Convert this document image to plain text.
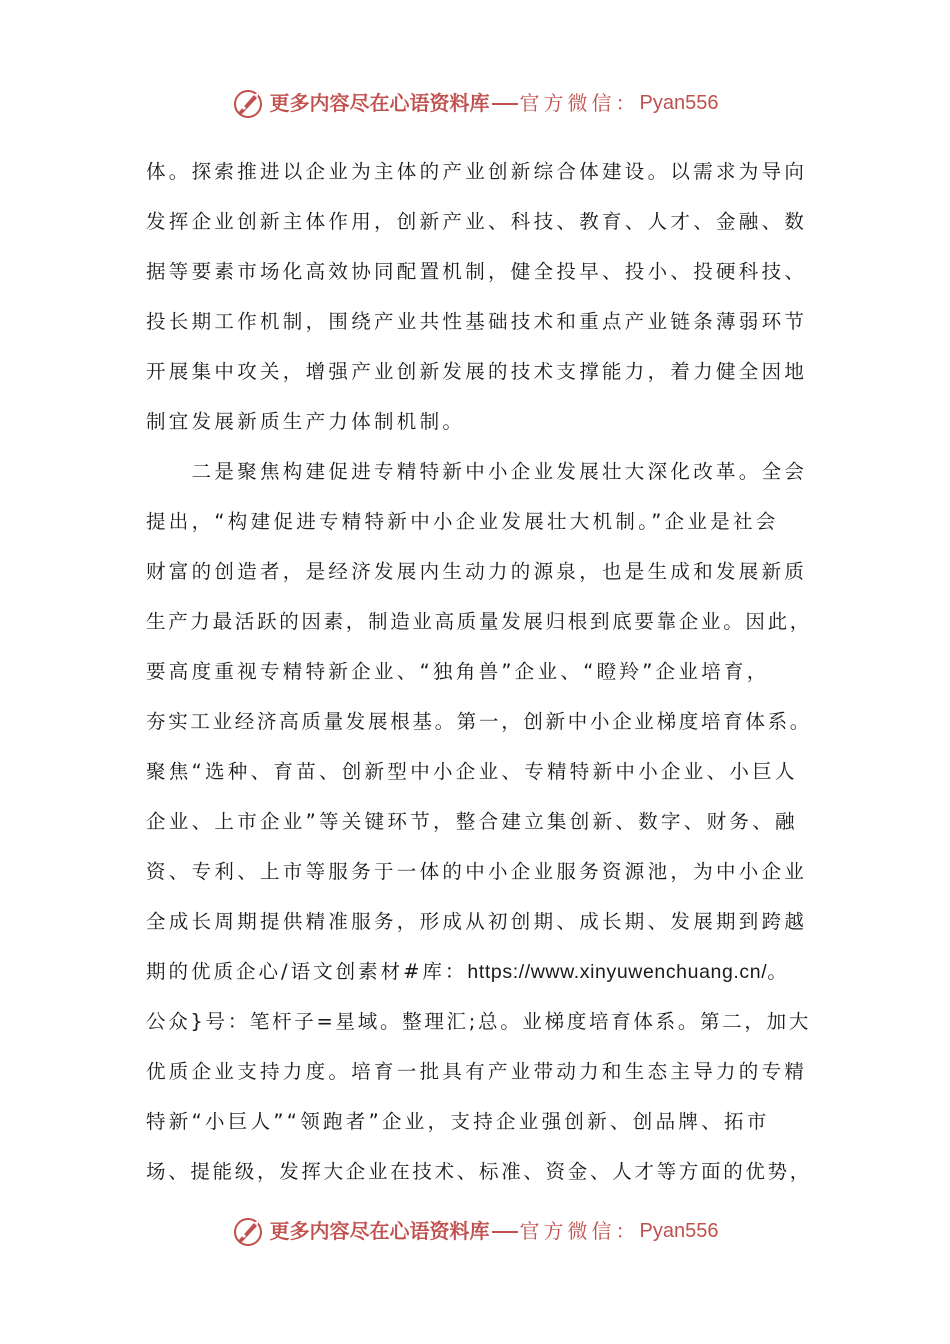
更多内容尽在心语资料库 官方微信： Pyan556

体。探索推进以企业为主体的产业创新综合体建设。以需求为导向

发挥企业创新主体作用，创新产业、科技、教育、人才、金融、数

据等要素市场化高效协同配置机制，健全投早、投小、投硬科技、

投长期工作机制，围绕产业共性基础技术和重点产业链条薄弱环节

开展集中攻关，增强产业创新发展的技术支撑能力，着力健全因地

制宜发展新质生产力体制机制。

　　二是聚焦构建促进专精特新中小企业发展壮大深化改革。全会

提出，“构建促进专精特新中小企业发展壮大机制。”企业是社会

财富的创造者，是经济发展内生动力的源泉，也是生成和发展新质

生产力最活跃的因素，制造业高质量发展归根到底要靠企业。因此，

要高度重视专精特新企业、“独角兽”企业、“瞪羚”企业培育，

夯实工业经济高质量发展根基。第一，创新中小企业梯度培育体系。

聚焦“选种、育苗、创新型中小企业、专精特新中小企业、小巨人

企业、上市企业”等关键环节，整合建立集创新、数字、财务、融

资、专利、上市等服务于一体的中小企业服务资源池，为中小企业

全成长周期提供精准服务，形成从初创期、成长期、发展期到跨越

期的优质企心/语文创素材#库：https://www.xinyuwenchuang.cn/。

公众}号：笔杆子=星域。整理汇;总。业梯度培育体系。第二，加大

优质企业支持力度。培育一批具有产业带动力和生态主导力的专精

特新“小巨人”“领跑者”企业，支持企业强创新、创品牌、拓市

场、提能级，发挥大企业在技术、标准、资金、人才等方面的优势，

更多内容尽在心语资料库 官方微信： Pyan556
